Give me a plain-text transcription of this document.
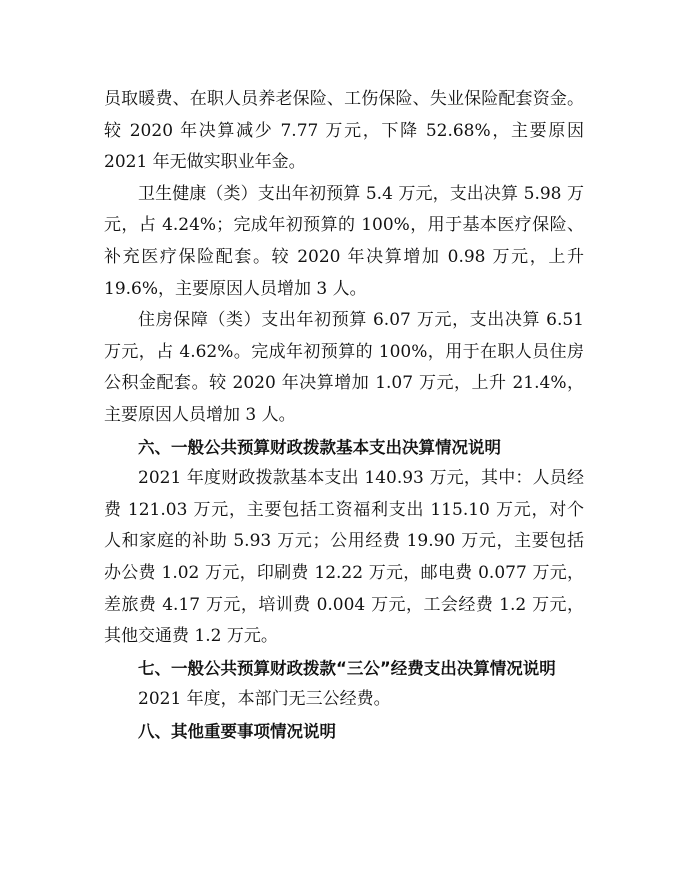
员取暖费、在职人员养老保险、工伤保险、失业保险配套资金。较 2020 年决算减少 7.77 万元，下降 52.68%，主要原因 2021 年无做实职业年金。

卫生健康（类）支出年初预算 5.4 万元，支出决算 5.98 万元，占 4.24%；完成年初预算的 100%，用于基本医疗保险、补充医疗保险配套。较 2020 年决算增加 0.98 万元，上升 19.6%，主要原因人员增加 3 人。

住房保障（类）支出年初预算 6.07 万元，支出决算 6.51 万元，占 4.62%。完成年初预算的 100%，用于在职人员住房公积金配套。较 2020 年决算增加 1.07 万元，上升 21.4%，主要原因人员增加 3 人。

六、一般公共预算财政拨款基本支出决算情况说明

2021 年度财政拨款基本支出 140.93 万元，其中：人员经费 121.03 万元，主要包括工资福利支出 115.10 万元，对个人和家庭的补助 5.93 万元；公用经费 19.90 万元，主要包括办公费 1.02 万元，印刷费 12.22 万元，邮电费 0.077 万元，差旅费 4.17 万元，培训费 0.004 万元，工会经费 1.2 万元，其他交通费 1.2 万元。

七、一般公共预算财政拨款“三公”经费支出决算情况说明

2021 年度，本部门无三公经费。

八、其他重要事项情况说明
